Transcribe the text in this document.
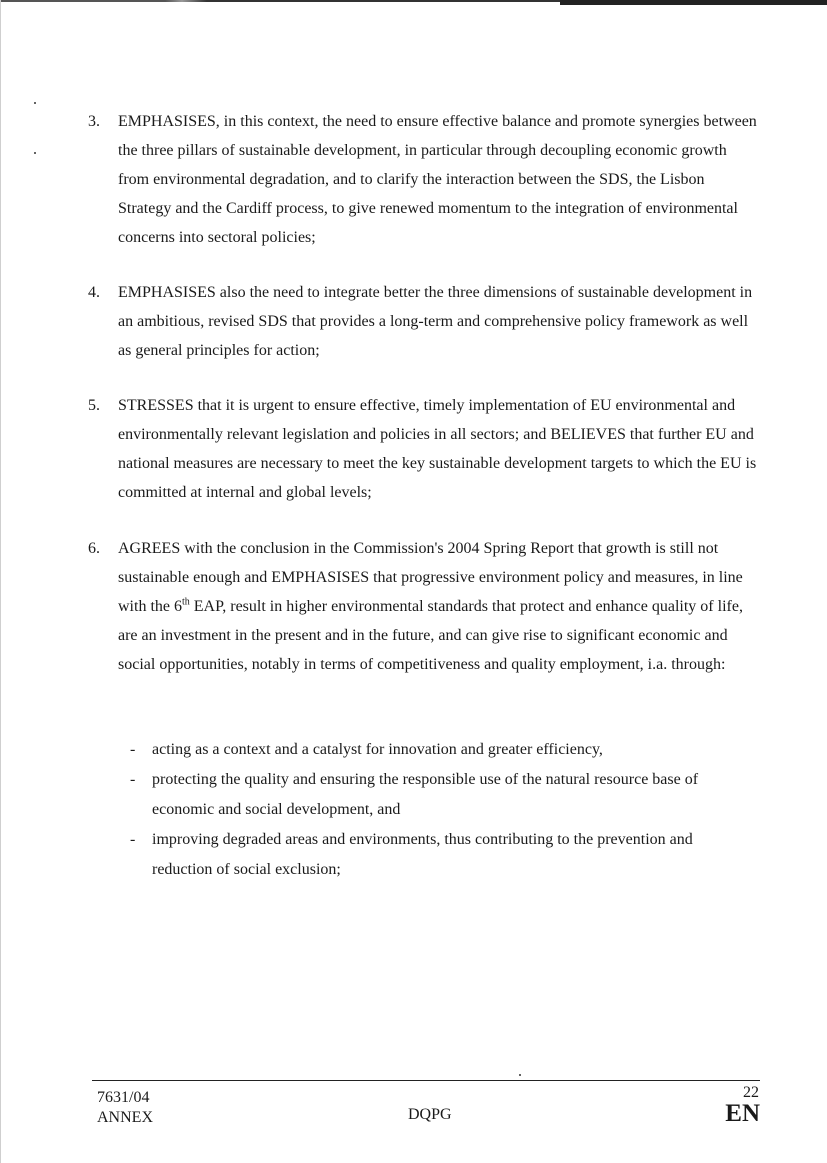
3.	EMPHASISES, in this context, the need to ensure effective balance and promote synergies between the three pillars of sustainable development, in particular through decoupling economic growth from environmental degradation, and to clarify the interaction between the SDS, the Lisbon Strategy and the Cardiff process, to give renewed momentum to the integration of environmental concerns into sectoral policies;
4.	EMPHASISES also the need to integrate better the three dimensions of sustainable development in an ambitious, revised SDS that provides a long-term and comprehensive policy framework as well as general principles for action;
5.	STRESSES that it is urgent to ensure effective, timely implementation of EU environmental and environmentally relevant legislation and policies in all sectors; and BELIEVES that further EU and national measures are necessary to meet the key sustainable development targets to which the EU is committed at internal and global levels;
6.	AGREES with the conclusion in the Commission's 2004 Spring Report that growth is still not sustainable enough and EMPHASISES that progressive environment policy and measures, in line with the 6th EAP, result in higher environmental standards that protect and enhance quality of life, are an investment in the present and in the future, and can give rise to significant economic and social opportunities, notably in terms of competitiveness and quality employment, i.a. through:
- acting as a context and a catalyst for innovation and greater efficiency,
- protecting the quality and ensuring the responsible use of the natural resource base of economic and social development, and
- improving degraded areas and environments, thus contributing to the prevention and reduction of social exclusion;
7631/04
ANNEX	DQPG
22
EN
